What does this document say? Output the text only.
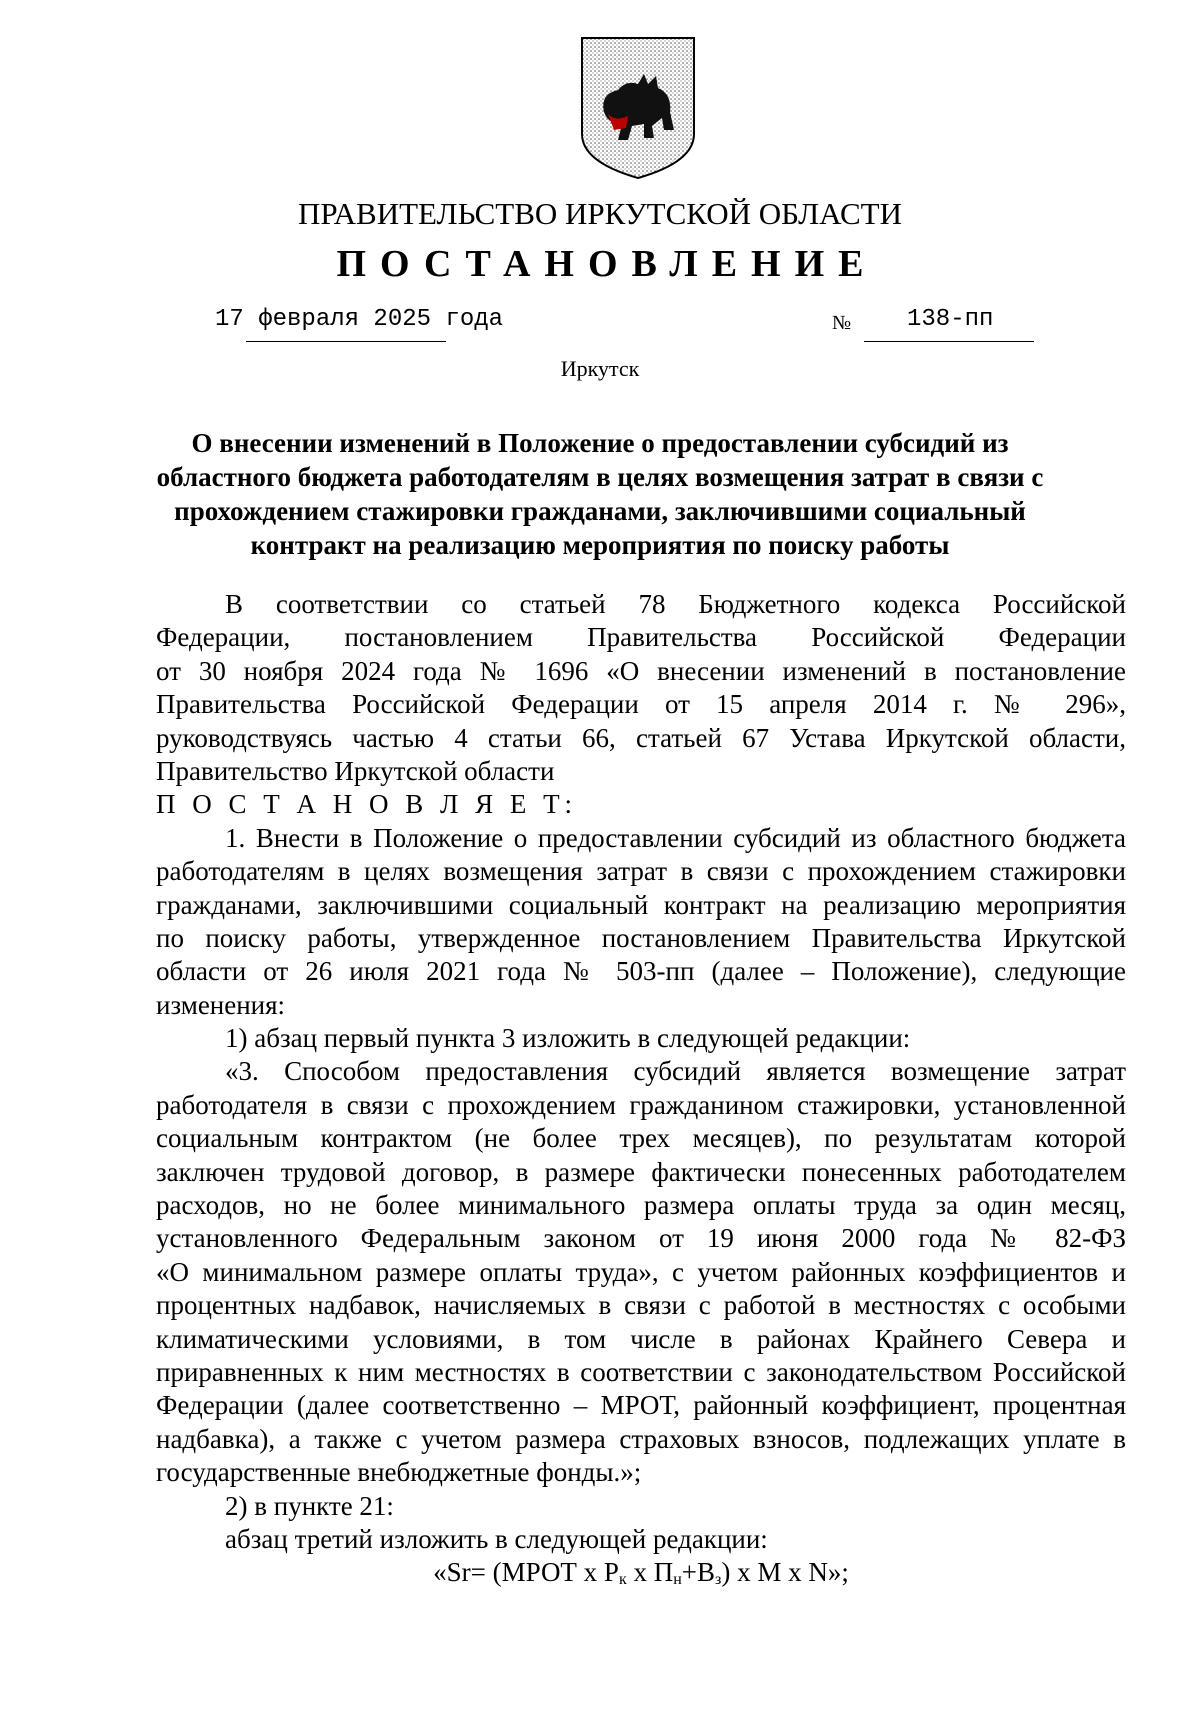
ПРАВИТЕЛЬСТВО ИРКУТСКОЙ ОБЛАСТИ
ПОСТАНОВЛЕНИЕ
17 февраля 2025 года	№ 138-пп
Иркутск
О внесении изменений в Положение о предоставлении субсидий из
областного бюджета работодателям в целях возмещения затрат в связи с
прохождением стажировки гражданами, заключившими социальный
контракт на реализацию мероприятия по поиску работы
В соответствии со статьей 78 Бюджетного кодекса Российской
Федерации, постановлением Правительства Российской Федерации
от 30 ноября 2024 года № 1696 «О внесении изменений в постановление
Правительства Российской Федерации от 15 апреля 2014 г. № 296»,
руководствуясь частью 4 статьи 66, статьей 67 Устава Иркутской области,
Правительство Иркутской области
П О С Т А Н О В Л Я Е Т:
1. Внести в Положение о предоставлении субсидий из областного бюджета
работодателям в целях возмещения затрат в связи с прохождением стажировки
гражданами, заключившими социальный контракт на реализацию мероприятия
по поиску работы, утвержденное постановлением Правительства Иркутской
области от 26 июля 2021 года № 503-пп (далее – Положение), следующие
изменения:
1) абзац первый пункта 3 изложить в следующей редакции:
«3. Способом предоставления субсидий является возмещение затрат
работодателя в связи с прохождением гражданином стажировки, установленной
социальным контрактом (не более трех месяцев), по результатам которой
заключен трудовой договор, в размере фактически понесенных работодателем
расходов, но не более минимального размера оплаты труда за один месяц,
установленного Федеральным законом от 19 июня 2000 года № 82-ФЗ
«О минимальном размере оплаты труда», с учетом районных коэффициентов и
процентных надбавок, начисляемых в связи с работой в местностях с особыми
климатическими условиями, в том числе в районах Крайнего Севера и
приравненных к ним местностях в соответствии с законодательством Российской
Федерации (далее соответственно – МРОТ, районный коэффициент, процентная
надбавка), а также с учетом размера страховых взносов, подлежащих уплате в
государственные внебюджетные фонды.»;
2) в пункте 21:
абзац третий изложить в следующей редакции:
«Sr= (МРОТ x $Р_к$ x $П_н+В_з$) x М x N»;
